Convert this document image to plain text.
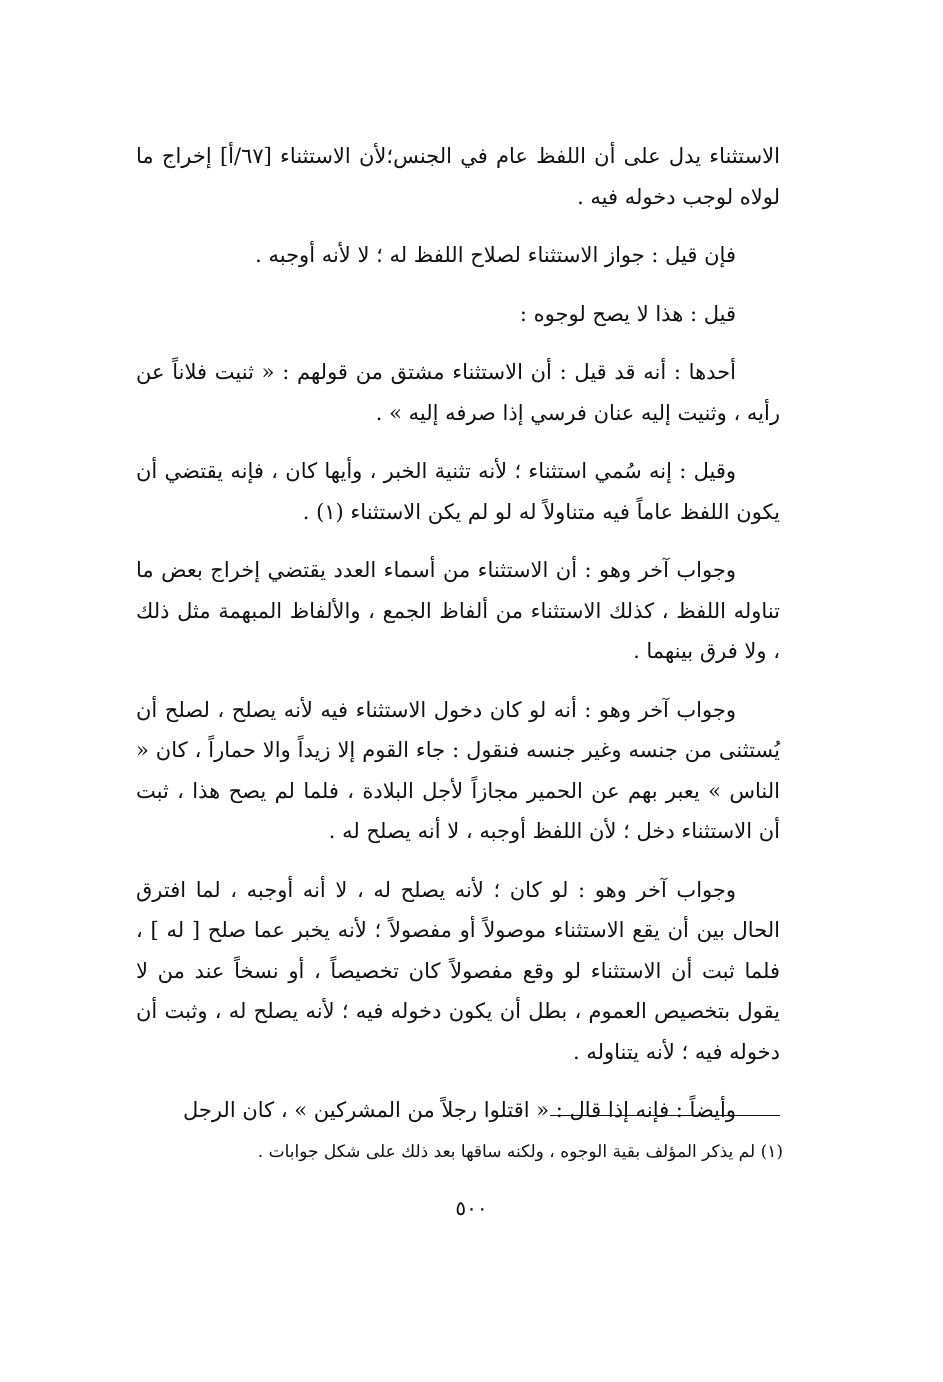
الاستثناء يدل على أن اللفظ عام في الجنس؛لأن الاستثناء [٦٧/أ] إخراج ما لولاه لوجب دخوله فيه .

فإن قيل : جواز الاستثناء لصلاح اللفظ له ؛ لا لأنه أوجبه .

قيل : هذا لا يصح لوجوه :

أحدها : أنه قد قيل : أن الاستثناء مشتق من قولهم : « ثنيت فلاناً عن رأيه ، وثنيت إليه عنان فرسي إذا صرفه إليه » .

وقيل : إنه سُمي استثناء ؛ لأنه تثنية الخبر ، وأيها كان ، فإنه يقتضي أن يكون اللفظ عاماً فيه متناولاً له لو لم يكن الاستثناء (١) .

وجواب آخر وهو : أن الاستثناء من أسماء العدد يقتضي إخراج بعض ما تناوله اللفظ ، كذلك الاستثناء من ألفاظ الجمع ، والألفاظ المبهمة مثل ذلك ، ولا فرق بينهما .

وجواب آخر وهو : أنه لو كان دخول الاستثناء فيه لأنه يصلح ، لصلح أن يُستثنى من جنسه وغير جنسه فنقول : جاء القوم إلا زيداً والا حماراً ، كان « الناس » يعبر بهم عن الحمير مجازاً لأجل البلادة ، فلما لم يصح هذا ، ثبت أن الاستثناء دخل ؛ لأن اللفظ أوجبه ، لا أنه يصلح له .

وجواب آخر وهو : لو كان ؛ لأنه يصلح له ، لا أنه أوجبه ، لما افترق الحال بين أن يقع الاستثناء موصولاً أو مفصولاً ؛ لأنه يخبر عما صلح [ له ] ، فلما ثبت أن الاستثناء لو وقع مفصولاً كان تخصيصاً ، أو نسخاً عند من لا يقول بتخصيص العموم ، بطل أن يكون دخوله فيه ؛ لأنه يصلح له ، وثبت أن دخوله فيه ؛ لأنه يتناوله .

وأيضاً : فإنه إذا قال : « اقتلوا رجلاً من المشركين » ، كان الرجل

(١) لم يذكر المؤلف بقية الوجوه ، ولكنه ساقها بعد ذلك على شكل جوابات .
٥٠٠
